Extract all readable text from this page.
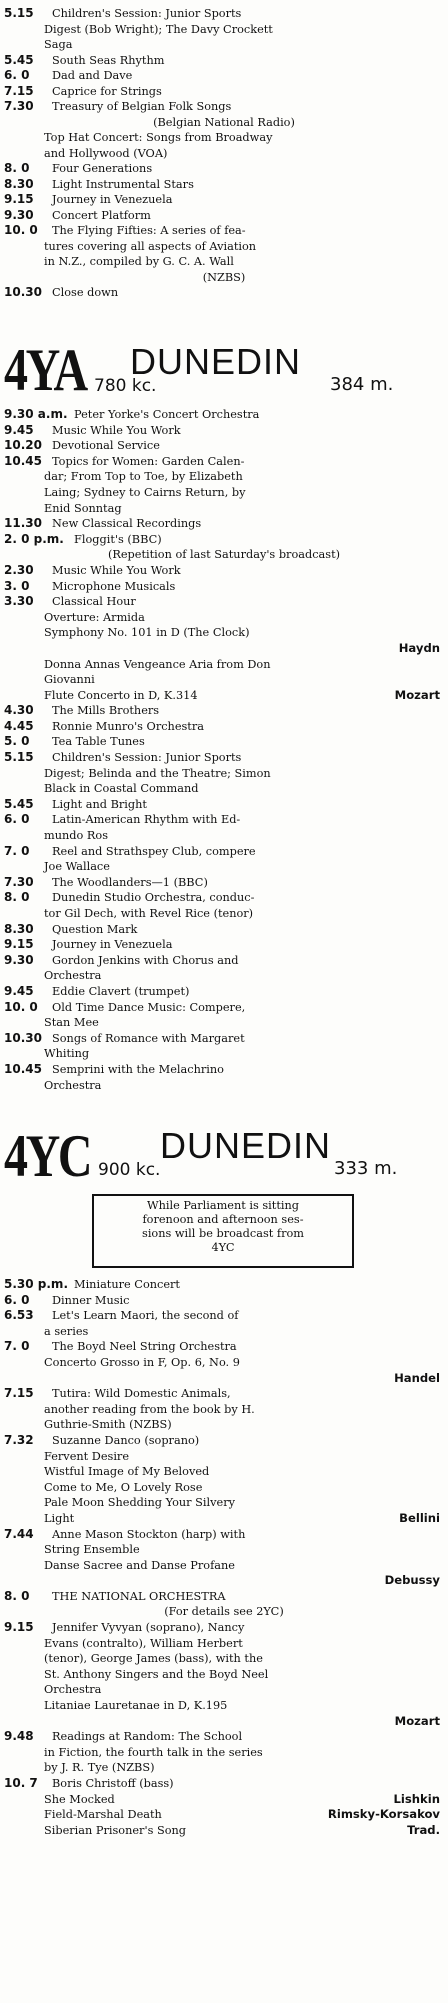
5.15 Children's Session: Junior Sports
Digest (Bob Wright); The Davy Crockett
Saga
5.45 South Seas Rhythm
6. 0 Dad and Dave
7.15 Caprice for Strings
7.30 Treasury of Belgian Folk Songs
(Belgian National Radio)
Top Hat Concert: Songs from Broadway
and Hollywood (VOA)
8. 0 Four Generations
8.30 Light Instrumental Stars
9.15 Journey in Venezuela
9.30 Concert Platform
10. 0 The Flying Fifties: A series of fea-
tures covering all aspects of Aviation
in N.Z., compiled by G. C. A. Wall
(NZBS)
10.30 Close down
4YA DUNEDIN
780 kc.	384 m.
9.30 a.m. Peter Yorke's Concert Orchestra
9.45 Music While You Work
10.20 Devotional Service
10.45 Topics for Women: Garden Calen-
dar; From Top to Toe, by Elizabeth
Laing; Sydney to Cairns Return, by
Enid Sonntag
11.30 New Classical Recordings
2. 0 p.m. Floggit's (BBC)
(Repetition of last Saturday's broadcast)
2.30 Music While You Work
3. 0 Microphone Musicals
3.30 Classical Hour
Overture: Armida
Symphony No. 101 in D (The Clock)
Haydn
Donna Annas Vengeance Aria from Don
Giovanni
Flute Concerto in D, K.314	Mozart
4.30 The Mills Brothers
4.45 Ronnie Munro's Orchestra
5. 0 Tea Table Tunes
5.15 Children's Session: Junior Sports
Digest; Belinda and the Theatre; Simon
Black in Coastal Command
5.45 Light and Bright
6. 0 Latin-American Rhythm with Ed-
mundo Ros
7. 0 Reel and Strathspey Club, compere
Joe Wallace
7.30 The Woodlanders—1 (BBC)
8. 0 Dunedin Studio Orchestra, conduc-
tor Gil Dech, with Revel Rice (tenor)
8.30 Question Mark
9.15 Journey in Venezuela
9.30 Gordon Jenkins with Chorus and
Orchestra
9.45 Eddie Clavert (trumpet)
10. 0 Old Time Dance Music: Compere,
Stan Mee
10.30 Songs of Romance with Margaret
Whiting
10.45 Semprini with the Melachrino
Orchestra
4YC DUNEDIN
900 kc.	333 m.
While Parliament is sitting
forenoon and afternoon ses-
sions will be broadcast from
4YC
5.30 p.m. Miniature Concert
6. 0 Dinner Music
6.53 Let's Learn Maori, the second of
a series
7. 0 The Boyd Neel String Orchestra
Concerto Grosso in F, Op. 6, No. 9
Handel
7.15 Tutira: Wild Domestic Animals,
another reading from the book by H.
Guthrie-Smith (NZBS)
7.32 Suzanne Danco (soprano)
Fervent Desire
Wistful Image of My Beloved
Come to Me, O Lovely Rose
Pale Moon Shedding Your Silvery
Light	Bellini
7.44 Anne Mason Stockton (harp) with
String Ensemble
Danse Sacree and Danse Profane
Debussy
8. 0 THE NATIONAL ORCHESTRA
(For details see 2YC)
9.15 Jennifer Vyvyan (soprano), Nancy
Evans (contralto), William Herbert
(tenor), George James (bass), with the
St. Anthony Singers and the Boyd Neel
Orchestra
Litaniae Lauretanae in D, K.195
Mozart
9.48 Readings at Random: The School
in Fiction, the fourth talk in the series
by J. R. Tye (NZBS)
10. 7 Boris Christoff (bass)
She Mocked	Lishkin
Field-Marshal Death	Rimsky-Korsakov
Siberian Prisoner's Song	Trad.
